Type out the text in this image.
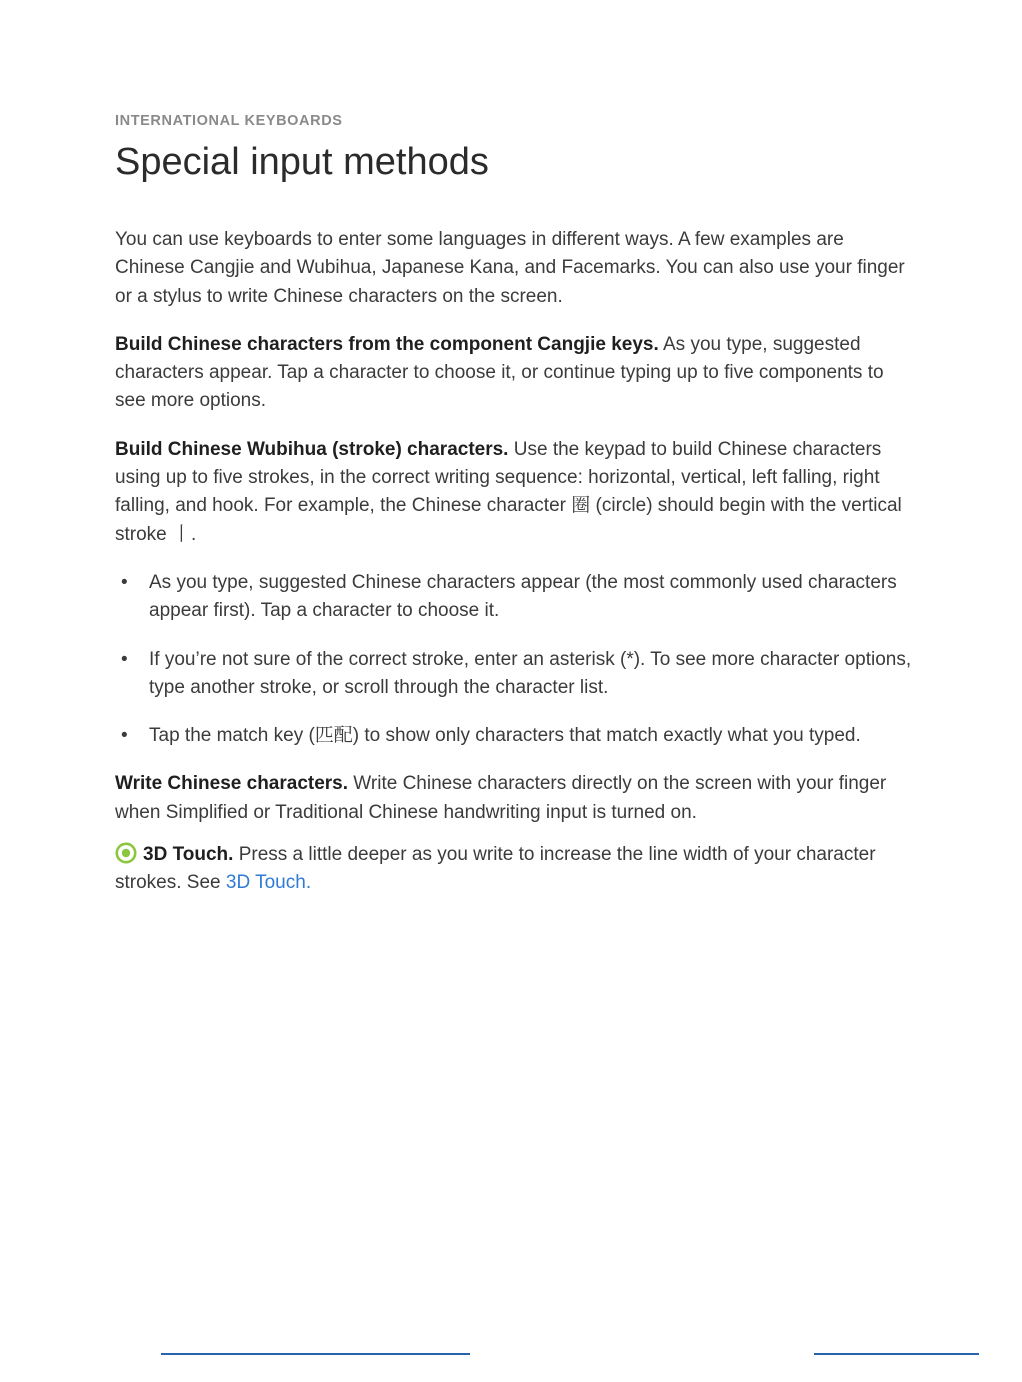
INTERNATIONAL KEYBOARDS
Special input methods

You can use keyboards to enter some languages in different ways. A few examples are Chinese Cangjie and Wubihua, Japanese Kana, and Facemarks. You can also use your finger or a stylus to write Chinese characters on the screen.

Build Chinese characters from the component Cangjie keys. As you type, suggested characters appear. Tap a character to choose it, or continue typing up to five components to see more options.

Build Chinese Wubihua (stroke) characters. Use the keypad to build Chinese characters using up to five strokes, in the correct writing sequence: horizontal, vertical, left falling, right falling, and hook. For example, the Chinese character 圈 (circle) should begin with the vertical stroke 丨.

• As you type, suggested Chinese characters appear (the most commonly used characters appear first). Tap a character to choose it.
• If you’re not sure of the correct stroke, enter an asterisk (*). To see more character options, type another stroke, or scroll through the character list.
• Tap the match key (匹配) to show only characters that match exactly what you typed.

Write Chinese characters. Write Chinese characters directly on the screen with your finger when Simplified or Traditional Chinese handwriting input is turned on.

3D Touch. Press a little deeper as you write to increase the line width of your character strokes. See 3D Touch.
